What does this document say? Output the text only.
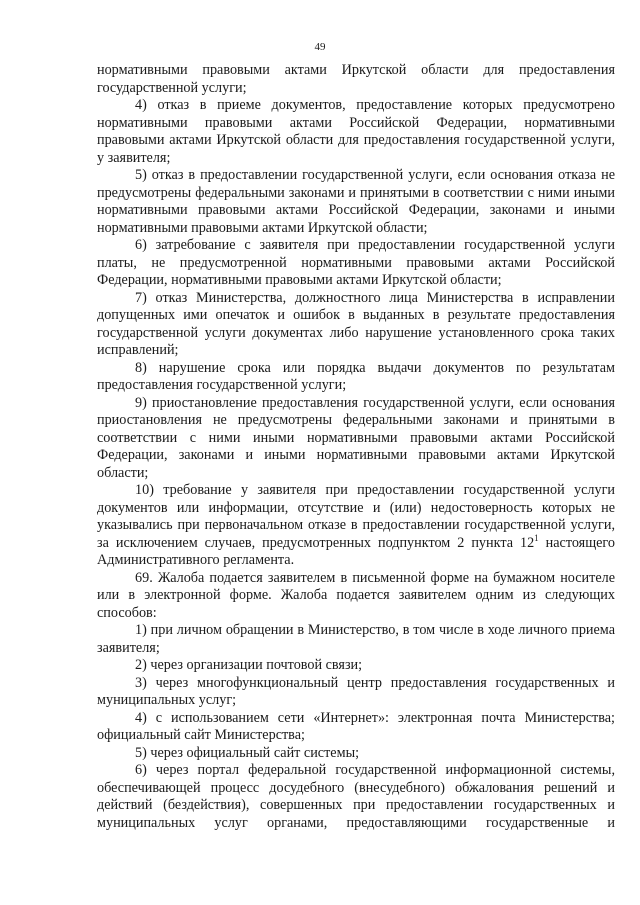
49

нормативными правовыми актами Иркутской области для предоставления государственной услуги;

4) отказ в приеме документов, предоставление которых предусмотрено нормативными правовыми актами Российской Федерации, нормативными правовыми актами Иркутской области для предоставления государственной услуги, у заявителя;

5) отказ в предоставлении государственной услуги, если основания отказа не предусмотрены федеральными законами и принятыми в соответствии с ними иными нормативными правовыми актами Российской Федерации, законами и иными нормативными правовыми актами Иркутской области;

6) затребование с заявителя при предоставлении государственной услуги платы, не предусмотренной нормативными правовыми актами Российской Федерации, нормативными правовыми актами Иркутской области;

7) отказ Министерства, должностного лица Министерства в исправлении допущенных ими опечаток и ошибок в выданных в результате предоставления государственной услуги документах либо нарушение установленного срока таких исправлений;

8) нарушение срока или порядка выдачи документов по результатам предоставления государственной услуги;

9) приостановление предоставления государственной услуги, если основания приостановления не предусмотрены федеральными законами и принятыми в соответствии с ними иными нормативными правовыми актами Российской Федерации, законами и иными нормативными правовыми актами Иркутской области;

10) требование у заявителя при предоставлении государственной услуги документов или информации, отсутствие и (или) недостоверность которых не указывались при первоначальном отказе в предоставлении государственной услуги, за исключением случаев, предусмотренных подпунктом 2 пункта $12^1$ настоящего Административного регламента.

69. Жалоба подается заявителем в письменной форме на бумажном носителе или в электронной форме. Жалоба подается заявителем одним из следующих способов:

1) при личном обращении в Министерство, в том числе в ходе личного приема заявителя;

2) через организации почтовой связи;

3) через многофункциональный центр предоставления государственных и муниципальных услуг;

4) с использованием сети «Интернет»: электронная почта Министерства; официальный сайт Министерства;

5) через официальный сайт системы;

6) через портал федеральной государственной информационной системы, обеспечивающей процесс досудебного (внесудебного) обжалования решений и действий (бездействия), совершенных при предоставлении государственных и муниципальных услуг органами, предоставляющими государственные и
